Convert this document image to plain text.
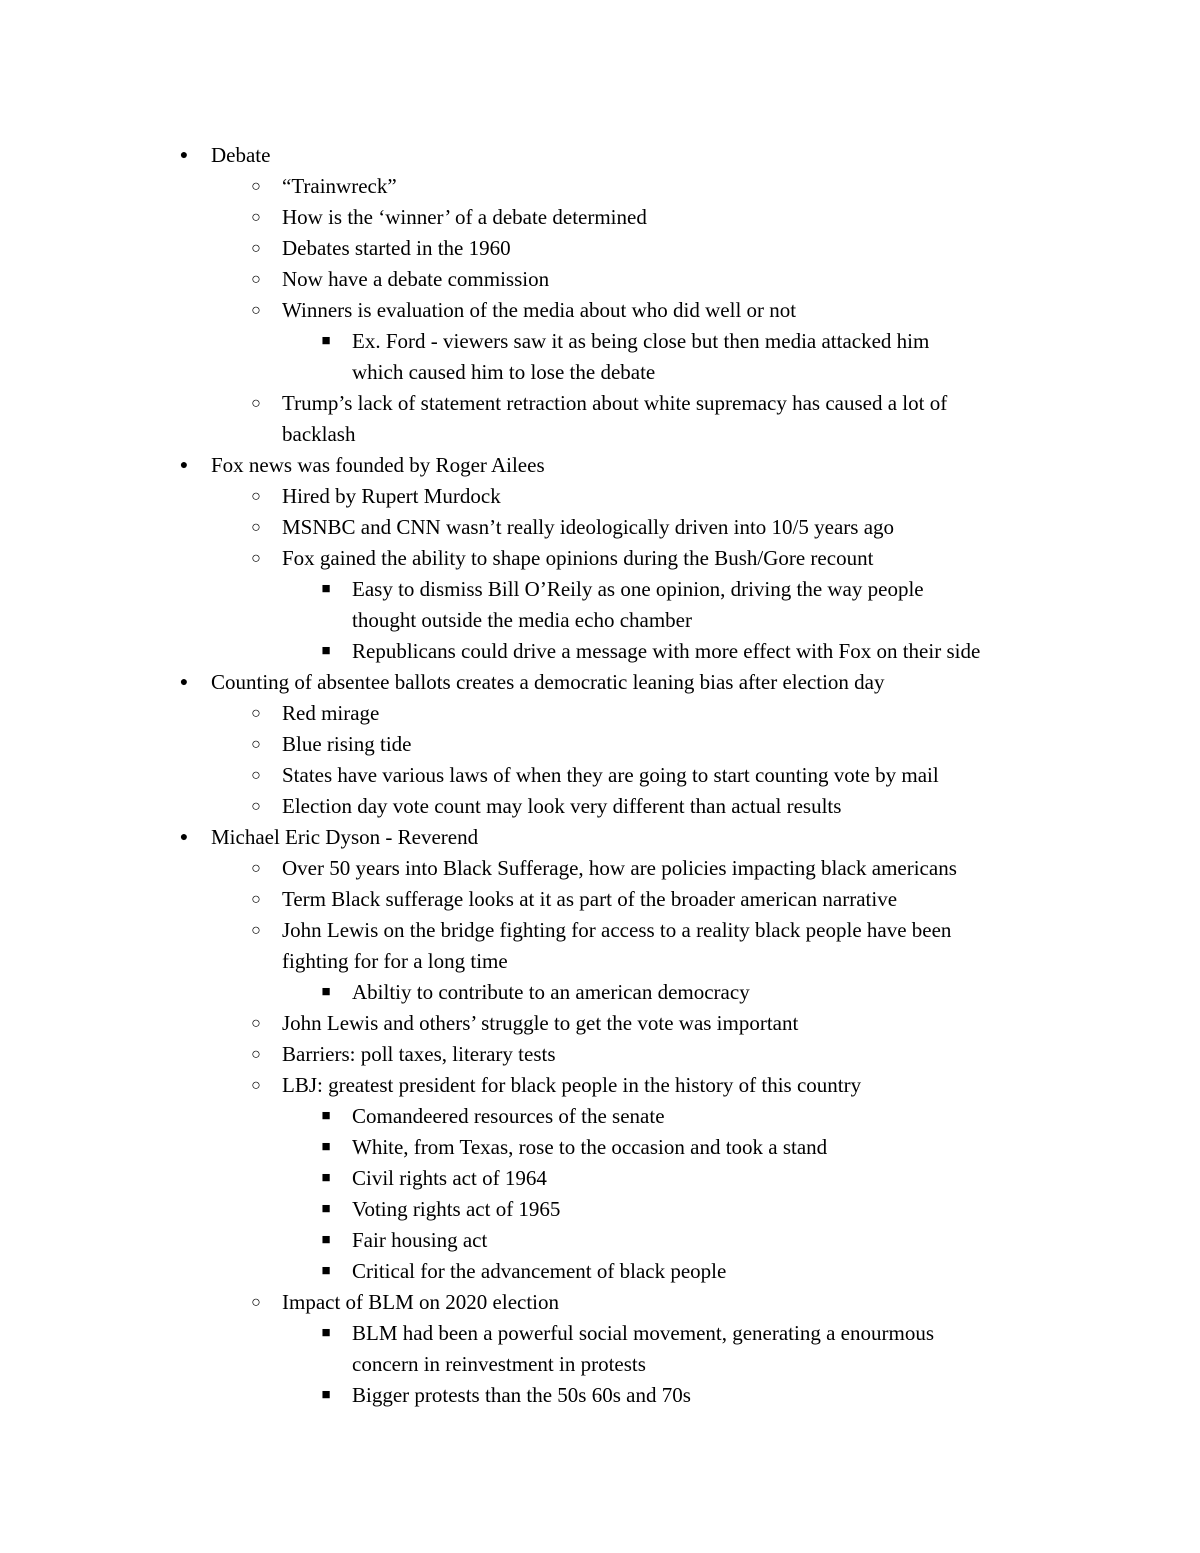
● Debate
○ “Trainwreck”
○ How is the ‘winner’ of a debate determined
○ Debates started in the 1960
○ Now have a debate commission
○ Winners is evaluation of the media about who did well or not
■ Ex. Ford - viewers saw it as being close but then media attacked him
which caused him to lose the debate
○ Trump’s lack of statement retraction about white supremacy has caused a lot of
backlash
● Fox news was founded by Roger Ailees
○ Hired by Rupert Murdock
○ MSNBC and CNN wasn’t really ideologically driven into 10/5 years ago
○ Fox gained the ability to shape opinions during the Bush/Gore recount
■ Easy to dismiss Bill O’Reily as one opinion, driving the way people
thought outside the media echo chamber
■ Republicans could drive a message with more effect with Fox on their side
● Counting of absentee ballots creates a democratic leaning bias after election day
○ Red mirage
○ Blue rising tide
○ States have various laws of when they are going to start counting vote by mail
○ Election day vote count may look very different than actual results
● Michael Eric Dyson - Reverend
○ Over 50 years into Black Sufferage, how are policies impacting black americans
○ Term Black sufferage looks at it as part of the broader american narrative
○ John Lewis on the bridge fighting for access to a reality black people have been
fighting for for a long time
■ Abiltiy to contribute to an american democracy
○ John Lewis and others’ struggle to get the vote was important
○ Barriers: poll taxes, literary tests
○ LBJ: greatest president for black people in the history of this country
■ Comandeered resources of the senate
■ White, from Texas, rose to the occasion and took a stand
■ Civil rights act of 1964
■ Voting rights act of 1965
■ Fair housing act
■ Critical for the advancement of black people
○ Impact of BLM on 2020 election
■ BLM had been a powerful social movement, generating a enourmous
concern in reinvestment in protests
■ Bigger protests than the 50s 60s and 70s
